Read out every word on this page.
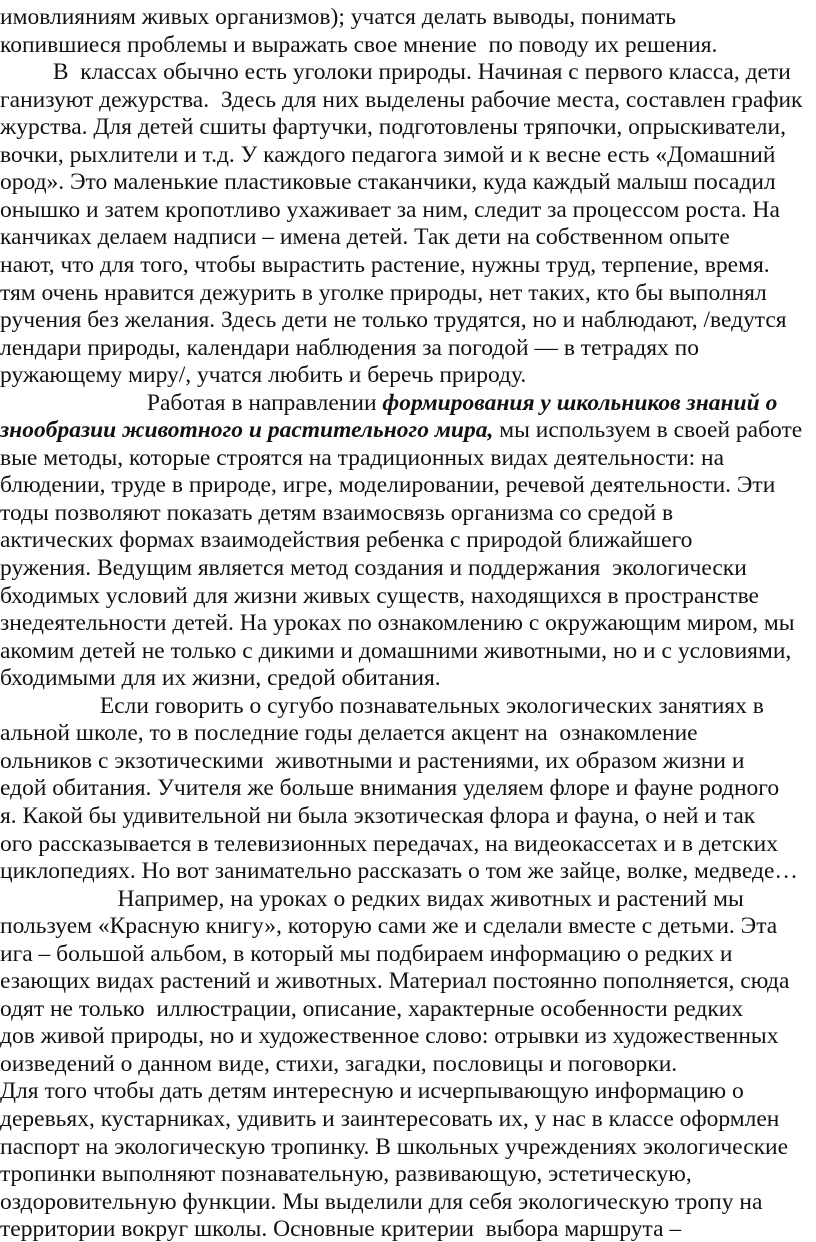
имовлияниям живых организмов); учатся делать выводы, понимать
копившиеся проблемы и выражать свое мнение  по поводу их решения.
В  классах обычно есть уголоки природы. Начиная с первого класса, дети
ганизуют дежурства.  Здесь для них выделены рабочие места, составлен график
журства. Для детей сшиты фартучки, подготовлены тряпочки, опрыскиватели,
вочки, рыхлители и т.д. У каждого педагога зимой и к весне есть «Домашний
ород». Это маленькие пластиковые стаканчики, куда каждый малыш посадил
онышко и затем кропотливо ухаживает за ним, следит за процессом роста. На
канчиках делаем надписи – имена детей. Так дети на собственном опыте
нают, что для того, чтобы вырастить растение, нужны труд, терпение, время.
тям очень нравится дежурить в уголке природы, нет таких, кто бы выполнял
ручения без желания. Здесь дети не только трудятся, но и наблюдают, /ведутся
лендари природы, календари наблюдения за погодой — в тетрадях по
ружающему миру/, учатся любить и беречь природу.
Работая в направлении формирования у школьников знаний о
знообразии животного и растительного мира, мы используем в своей работе
вые методы, которые строятся на традиционных видах деятельности: на
блюдении, труде в природе, игре, моделировании, речевой деятельности. Эти
тоды позволяют показать детям взаимосвязь организма со средой в
актических формах взаимодействия ребенка с природой ближайшего
ружения. Ведущим является метод создания и поддержания  экологически
бходимых условий для жизни живых существ, находящихся в пространстве
знедеятельности детей. На уроках по ознакомлению с окружающим миром, мы
акомим детей не только с дикими и домашними животными, но и с условиями,
бходимыми для их жизни, средой обитания.
Если говорить о сугубо познавательных экологических занятиях в
альной школе, то в последние годы делается акцент на  ознакомление
ольников с экзотическими  животными и растениями, их образом жизни и
едой обитания. Учителя же больше внимания уделяем флоре и фауне родного
я. Какой бы удивительной ни была экзотическая флора и фауна, о ней и так
ого рассказывается в телевизионных передачах, на видеокассетах и в детских
циклопедиях. Но вот занимательно рассказать о том же зайце, волке, медведе…
Например, на уроках о редких видах животных и растений мы
пользуем «Красную книгу», которую сами же и сделали вместе с детьми. Эта
ига – большой альбом, в который мы подбираем информацию о редких и
езающих видах растений и животных. Материал постоянно пополняется, сюда
одят не только  иллюстрации, описание, характерные особенности редких
дов живой природы, но и художественное слово: отрывки из художественных
оизведений о данном виде, стихи, загадки, пословицы и поговорки.
Для того чтобы дать детям интересную и исчерпывающую информацию о
деревьях, кустарниках, удивить и заинтересовать их, у нас в классе оформлен
паспорт на экологическую тропинку. В школьных учреждениях экологические
тропинки выполняют познавательную, развивающую, эстетическую,
оздоровительную функции. Мы выделили для себя экологическую тропу на
территории вокруг школы. Основные критерии  выбора маршрута –
